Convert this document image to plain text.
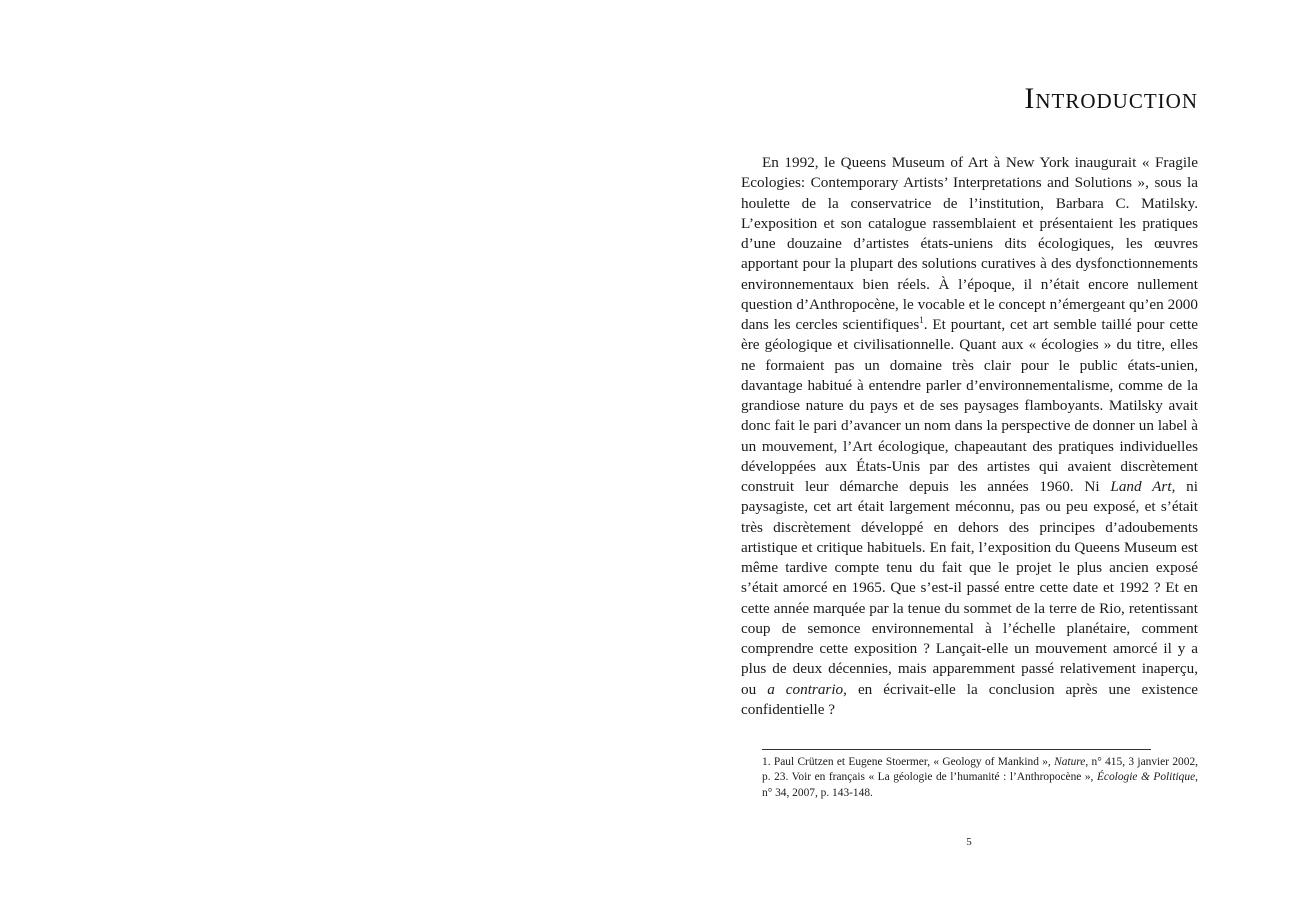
Introduction

En 1992, le Queens Museum of Art à New York inaugurait « Fragile Ecologies: Contemporary Artists’ Interpretations and Solutions », sous la houlette de la conservatrice de l’institution, Barbara C. Matilsky. L’exposition et son catalogue rassemblaient et présentaient les pratiques d’une douzaine d’artistes états-uniens dits écologiques, les œuvres apportant pour la plupart des solutions curatives à des dysfonctionnements environnementaux bien réels. À l’époque, il n’était encore nullement question d’Anthropocène, le vocable et le concept n’émergeant qu’en 2000 dans les cercles scientifiques$^1$. Et pourtant, cet art semble taillé pour cette ère géologique et civilisationnelle. Quant aux « écologies » du titre, elles ne formaient pas un domaine très clair pour le public états-unien, davantage habitué à entendre parler d’environnementalisme, comme de la grandiose nature du pays et de ses paysages flamboyants. Matilsky avait donc fait le pari d’avancer un nom dans la perspective de donner un label à un mouvement, l’Art écologique, chapeautant des pratiques individuelles développées aux États-Unis par des artistes qui avaient discrètement construit leur démarche depuis les années 1960. Ni Land Art, ni paysagiste, cet art était largement méconnu, pas ou peu exposé, et s’était très discrètement développé en dehors des principes d’adoubements artistique et critique habituels. En fait, l’exposition du Queens Museum est même tardive compte tenu du fait que le projet le plus ancien exposé s’était amorcé en 1965. Que s’est-il passé entre cette date et 1992 ? Et en cette année marquée par la tenue du sommet de la terre de Rio, retentissant coup de semonce environnemental à l’échelle planétaire, comment comprendre cette exposition ? Lançait-elle un mouvement amorcé il y a plus de deux décennies, mais apparemment passé relativement inaperçu, ou a contrario, en écrivait-elle la conclusion après une existence confidentielle ?

1. Paul Crützen et Eugene Stoermer, « Geology of Mankind », Nature, n° 415, 3 janvier 2002, p. 23. Voir en français « La géologie de l’humanité : l’Anthropocène », Écologie & Politique, n° 34, 2007, p. 143-148.

5
